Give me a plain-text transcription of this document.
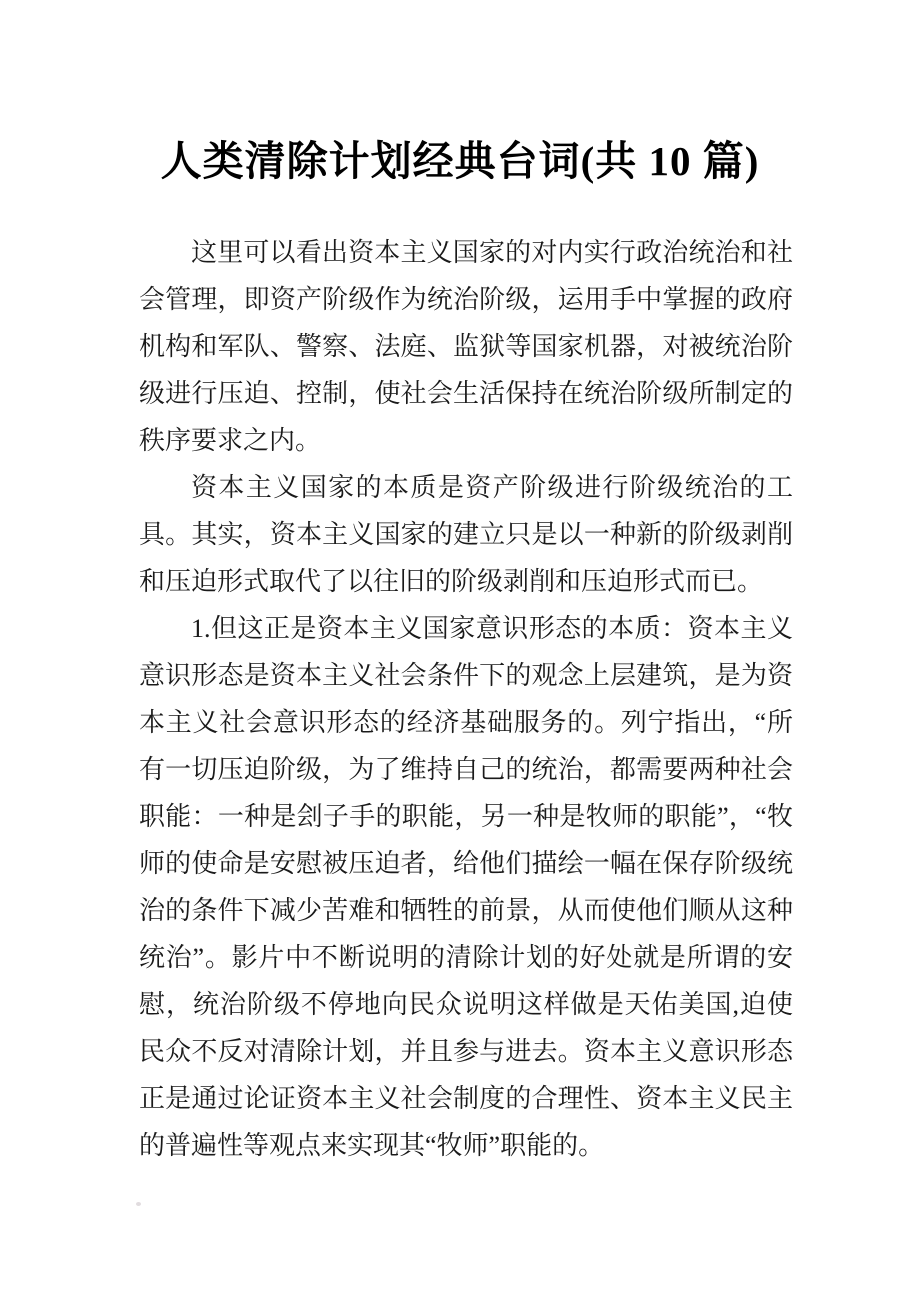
人类清除计划经典台词(共 10 篇)

这里可以看出资本主义国家的对内实行政治统治和社会管理，即资产阶级作为统治阶级，运用手中掌握的政府机构和军队、警察、法庭、监狱等国家机器，对被统治阶级进行压迫、控制，使社会生活保持在统治阶级所制定的秩序要求之内。

资本主义国家的本质是资产阶级进行阶级统治的工具。其实，资本主义国家的建立只是以一种新的阶级剥削和压迫形式取代了以往旧的阶级剥削和压迫形式而已。

1.但这正是资本主义国家意识形态的本质：资本主义意识形态是资本主义社会条件下的观念上层建筑，是为资本主义社会意识形态的经济基础服务的。列宁指出，“所有一切压迫阶级，为了维持自己的统治，都需要两种社会职能：一种是刽子手的职能，另一种是牧师的职能”，“牧师的使命是安慰被压迫者，给他们描绘一幅在保存阶级统治的条件下减少苦难和牺牲的前景，从而使他们顺从这种统治”。影片中不断说明的清除计划的好处就是所谓的安慰，统治阶级不停地向民众说明这样做是天佑美国,迫使民众不反对清除计划，并且参与进去。资本主义意识形态正是通过论证资本主义社会制度的合理性、资本主义民主的普遍性等观点来实现其“牧师”职能的。
